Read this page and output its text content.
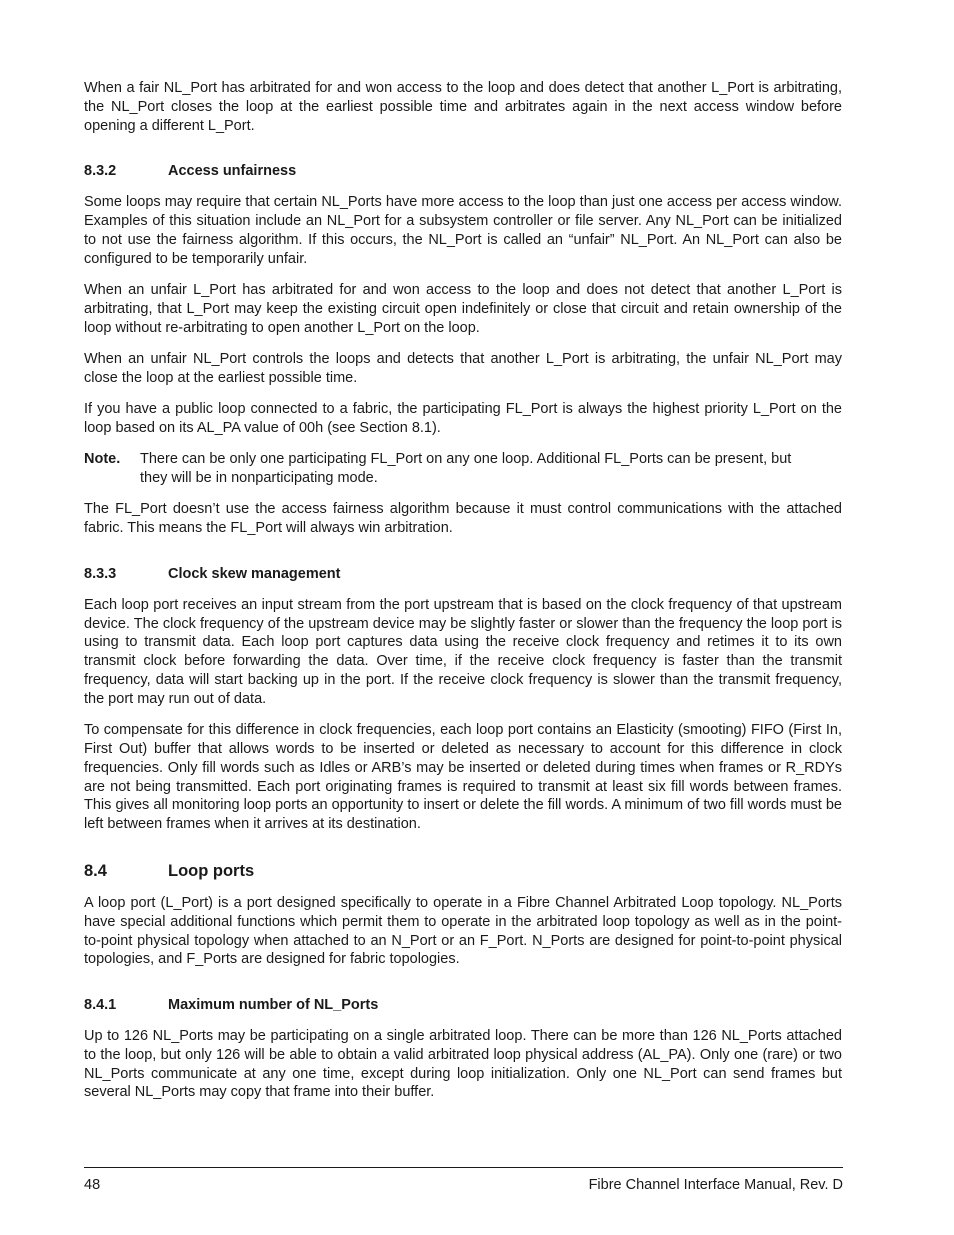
When a fair NL_Port has arbitrated for and won access to the loop and does detect that another L_Port is arbitrating, the NL_Port closes the loop at the earliest possible time and arbitrates again in the next access window before opening a different L_Port.

8.3.2	Access unfairness

Some loops may require that certain NL_Ports have more access to the loop than just one access per access window. Examples of this situation include an NL_Port for a subsystem controller or file server. Any NL_Port can be initialized to not use the fairness algorithm. If this occurs, the NL_Port is called an “unfair” NL_Port. An NL_Port can also be configured to be temporarily unfair.

When an unfair L_Port has arbitrated for and won access to the loop and does not detect that another L_Port is arbitrating, that L_Port may keep the existing circuit open indefinitely or close that circuit and retain ownership of the loop without re-arbitrating to open another L_Port on the loop.

When an unfair NL_Port controls the loops and detects that another L_Port is arbitrating, the unfair NL_Port may close the loop at the earliest possible time.

If you have a public loop connected to a fabric, the participating FL_Port is always the highest priority L_Port on the loop based on its AL_PA value of 00h (see Section 8.1).

Note.	There can be only one participating FL_Port on any one loop. Additional FL_Ports can be present, but they will be in nonparticipating mode.

The FL_Port doesn’t use the access fairness algorithm because it must control communications with the attached fabric. This means the FL_Port will always win arbitration.

8.3.3	Clock skew management

Each loop port receives an input stream from the port upstream that is based on the clock frequency of that upstream device. The clock frequency of the upstream device may be slightly faster or slower than the frequency the loop port is using to transmit data. Each loop port captures data using the receive clock frequency and retimes it to its own transmit clock before forwarding the data. Over time, if the receive clock frequency is faster than the transmit frequency, data will start backing up in the port. If the receive clock frequency is slower than the transmit frequency, the port may run out of data.

To compensate for this difference in clock frequencies, each loop port contains an Elasticity (smooting) FIFO (First In, First Out) buffer that allows words to be inserted or deleted as necessary to account for this difference in clock frequencies. Only fill words such as Idles or ARB’s may be inserted or deleted during times when frames or R_RDYs are not being transmitted. Each port originating frames is required to transmit at least six fill words between frames. This gives all monitoring loop ports an opportunity to insert or delete the fill words. A minimum of two fill words must be left between frames when it arrives at its destination.

8.4	Loop ports

A loop port (L_Port) is a port designed specifically to operate in a Fibre Channel Arbitrated Loop topology. NL_Ports have special additional functions which permit them to operate in the arbitrated loop topology as well as in the point-to-point physical topology when attached to an N_Port or an F_Port. N_Ports are designed for point-to-point physical topologies, and F_Ports are designed for fabric topologies.

8.4.1	Maximum number of NL_Ports

Up to 126 NL_Ports may be participating on a single arbitrated loop. There can be more than 126 NL_Ports attached to the loop, but only 126 will be able to obtain a valid arbitrated loop physical address (AL_PA). Only one (rare) or two NL_Ports communicate at any one time, except during loop initialization. Only one NL_Port can send frames but several NL_Ports may copy that frame into their buffer.

48	Fibre Channel Interface Manual, Rev. D
